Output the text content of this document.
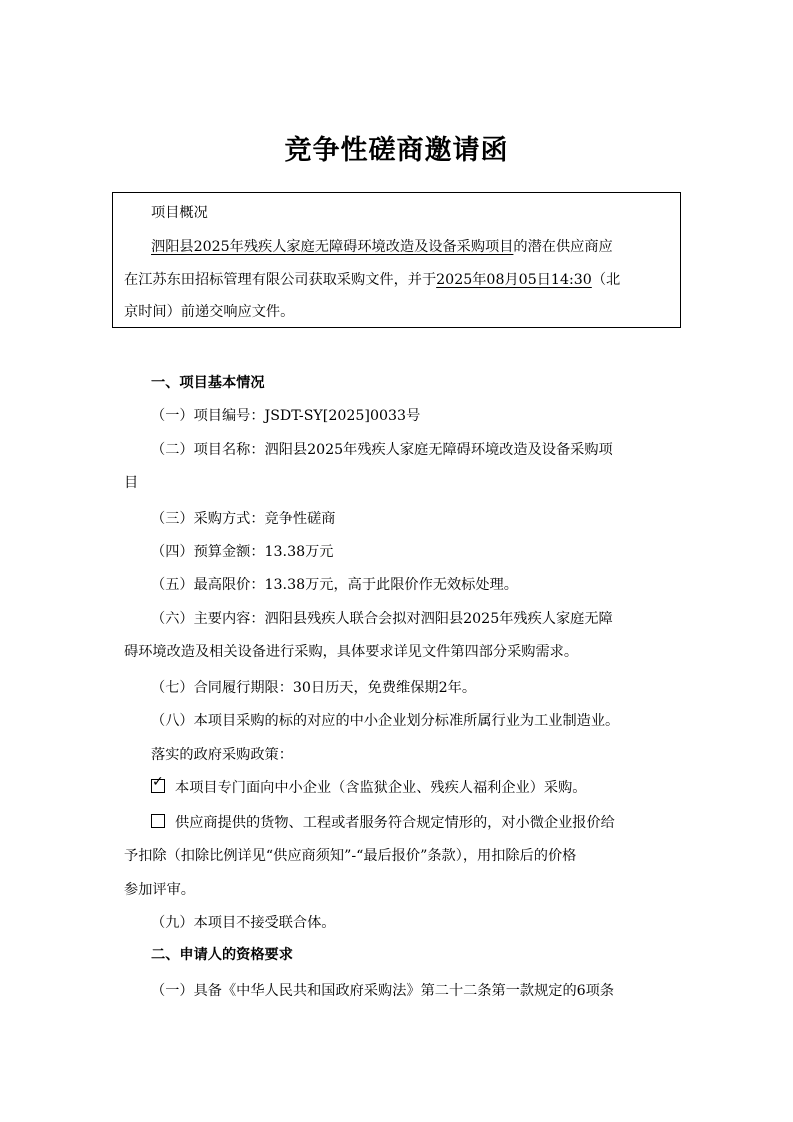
竞争性磋商邀请函
项目概况
泗阳县2025年残疾人家庭无障碍环境改造及设备采购项目的潜在供应商应
在江苏东田招标管理有限公司获取采购文件，并于2025年08月05日14:30（北
京时间）前递交响应文件。
一、项目基本情况
（一）项目编号：JSDT-SY[2025]0033号
（二）项目名称：泗阳县2025年残疾人家庭无障碍环境改造及设备采购项
目
（三）采购方式：竞争性磋商
（四）预算金额：13.38万元
（五）最高限价：13.38万元，高于此限价作无效标处理。
（六）主要内容：泗阳县残疾人联合会拟对泗阳县2025年残疾人家庭无障
碍环境改造及相关设备进行采购，具体要求详见文件第四部分采购需求。
（七）合同履行期限：30日历天，免费维保期2年。
（八）本项目采购的标的对应的中小企业划分标准所属行业为工业制造业。
落实的政府采购政策：
✓ 本项目专门面向中小企业（含监狱企业、残疾人福利企业）采购。
供应商提供的货物、工程或者服务符合规定情形的，对小微企业报价给
予扣除（扣除比例详见“供应商须知”-“最后报价”条款），用扣除后的价格
参加评审。
（九）本项目不接受联合体。
二、申请人的资格要求
（一）具备《中华人民共和国政府采购法》第二十二条第一款规定的6项条
